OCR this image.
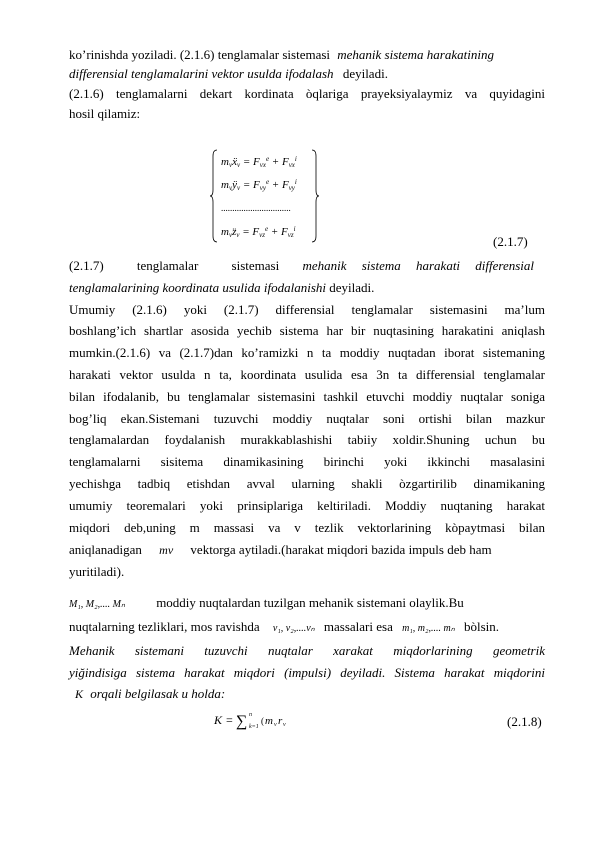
ko’rinishda yoziladi. (2.1.6) tenglamalar sistemasi mehanik sistema harakatining
differensial tenglamalarini vektor usulda ifodalash deyiladi.
(2.1.6) tenglamalarni dekart kordinata òqlariga prayeksiyalaymiz va quyidagini
hosil qilamiz:
mνẍν = Fνx$^e$ + Fνx$^i$
mνÿν = Fνy$^e$ + Fνy$^i$
...............................
mνz̈ν = Fνz$^e$ + Fνz$^i$
(2.1.7)
(2.1.7)	tenglamalar	sistemasi mehanik sistema harakati differensial
tenglamalarining koordinata usulida ifodalanishi deyiladi.
Umumiy (2.1.6) yoki (2.1.7) differensial tenglamalar sistemasini ma’lum
boshlang’ich shartlar asosida yechib sistema har bir nuqtasining harakatini aniqlash
mumkin.(2.1.6) va (2.1.7)dan ko’ramizki n ta moddiy nuqtadan iborat sistemaning
harakati vektor usulda n ta, koordinata usulida esa 3n ta differensial tenglamalar
bilan ifodalanib, bu tenglamalar sistemasini tashkil etuvchi moddiy nuqtalar soniga
bog’liq ekan.Sistemani tuzuvchi moddiy nuqtalar soni ortishi bilan mazkur
tenglamalardan foydalanish murakkablashishi tabiiy xoldir.Shuning uchun bu
tenglamalarni sisitema dinamikasining birinchi yoki ikkinchi masalasini
yechishga tadbiq etishdan avval ularning shakli òzgartirilib dinamikaning
umumiy teoremalari yoki prinsiplariga keltiriladi. Moddiy nuqtaning harakat
miqdori deb,uning m massasi va v tezlik vektorlarining kòpaytmasi bilan
aniqlanadigan mv vektorga aytiladi.(harakat miqdori bazida impuls deb ham
yuritiladi).
M₁, M₂,.... Mₙ moddiy nuqtalardan tuzilgan mehanik sistemani olaylik.Bu
nuqtalarning tezliklari, mos ravishda v₁, v₂,....vₙ massalari esa m₁, m₂,.... mₙ bòlsin.
Mehanik sistemani tuzuvchi nuqtalar xarakat miqdorlarining geometrik
yiğindisiga sistema harakat miqdori (impulsi) deyiladi. Sistema harakat miqdorini
K orqali belgilasak u holda:
K = ∑ n
k=1
( m ν r ν	(2.1.8)
